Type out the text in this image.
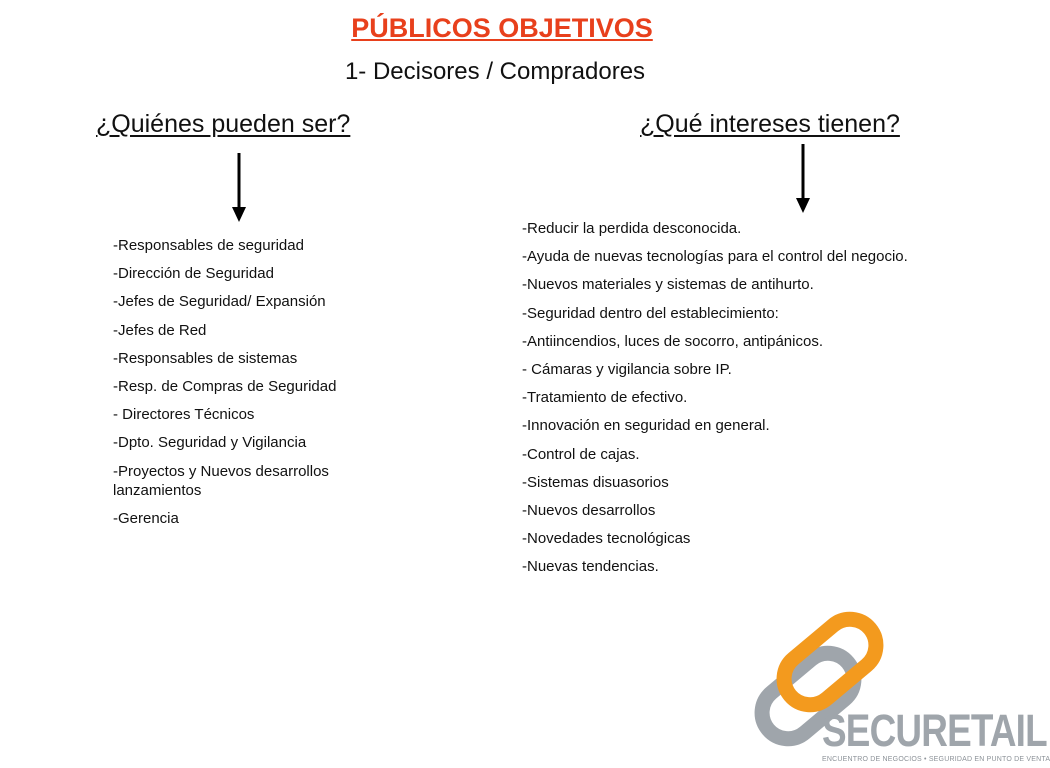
PÚBLICOS OBJETIVOS
1- Decisores / Compradores
¿Quiénes pueden ser?	¿Qué intereses tienen?
-Responsables de seguridad
-Dirección de Seguridad
-Jefes de Seguridad/ Expansión
-Jefes de Red
-Responsables de sistemas
-Resp. de Compras de Seguridad
- Directores Técnicos
-Dpto. Seguridad y Vigilancia
-Proyectos y Nuevos desarrollos lanzamientos
-Gerencia
-Reducir la perdida desconocida.
-Ayuda de nuevas tecnologías para el control del negocio.
-Nuevos materiales y sistemas de antihurto.
-Seguridad dentro del establecimiento:
-Antiincendios, luces de socorro, antipánicos.
- Cámaras y vigilancia sobre IP.
-Tratamiento de efectivo.
-Innovación en seguridad en general.
-Control de cajas.
-Sistemas disuasorios
-Nuevos desarrollos
-Novedades tecnológicas
-Nuevas tendencias.
SECURETAIL
ENCUENTRO DE NEGOCIOS • SEGURIDAD EN PUNTO DE VENTA
